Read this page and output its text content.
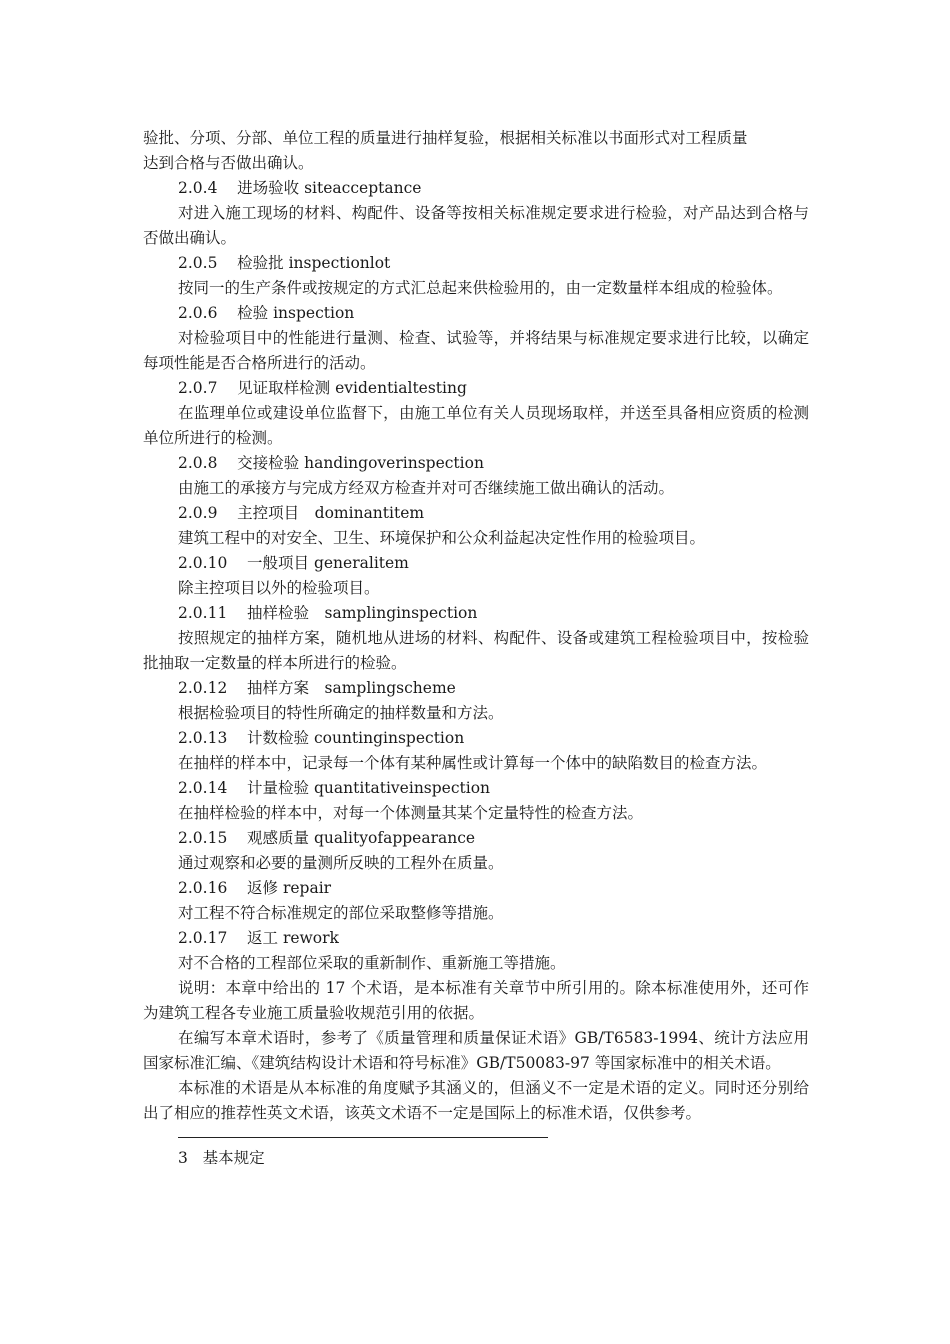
验批、分项、分部、单位工程的质量进行抽样复验，根据相关标准以书面形式对工程质量

达到合格与否做出确认。

2.0.4 进场验收 siteacceptance

对进入施工现场的材料、构配件、设备等按相关标准规定要求进行检验，对产品达到合格与否做出确认。

2.0.5 检验批 inspectionlot

按同一的生产条件或按规定的方式汇总起来供检验用的，由一定数量样本组成的检验体。

2.0.6 检验 inspection

对检验项目中的性能进行量测、检查、试验等，并将结果与标准规定要求进行比较，以确定每项性能是否合格所进行的活动。

2.0.7 见证取样检测 evidentialtesting

在监理单位或建设单位监督下，由施工单位有关人员现场取样，并送至具备相应资质的检测单位所进行的检测。

2.0.8 交接检验 handingoverinspection

由施工的承接方与完成方经双方检查并对可否继续施工做出确认的活动。

2.0.9 主控项目　dominantitem

建筑工程中的对安全、卫生、环境保护和公众利益起决定性作用的检验项目。

2.0.10 一般项目 generalitem

除主控项目以外的检验项目。

2.0.11 抽样检验　samplinginspection

按照规定的抽样方案，随机地从进场的材料、构配件、设备或建筑工程检验项目中，按检验批抽取一定数量的样本所进行的检验。

2.0.12 抽样方案　samplingscheme

根据检验项目的特性所确定的抽样数量和方法。

2.0.13 计数检验 countinginspection

在抽样的样本中，记录每一个体有某种属性或计算每一个体中的缺陷数目的检查方法。

2.0.14 计量检验 quantitativeinspection

在抽样检验的样本中，对每一个体测量其某个定量特性的检查方法。

2.0.15 观感质量 qualityofappearance

通过观察和必要的量测所反映的工程外在质量。

2.0.16 返修 repair

对工程不符合标准规定的部位采取整修等措施。

2.0.17 返工 rework

对不合格的工程部位采取的重新制作、重新施工等措施。

说明：本章中给出的 17 个术语，是本标准有关章节中所引用的。除本标准使用外，还可作为建筑工程各专业施工质量验收规范引用的依据。

在编写本章术语时，参考了《质量管理和质量保证术语》GB/T6583-1994、统计方法应用国家标准汇编、《建筑结构设计术语和符号标准》GB/T50083-97 等国家标准中的相关术语。

本标准的术语是从本标准的角度赋予其涵义的，但涵义不一定是术语的定义。同时还分别给出了相应的推荐性英文术语，该英文术语不一定是国际上的标准术语，仅供参考。

3 基本规定
